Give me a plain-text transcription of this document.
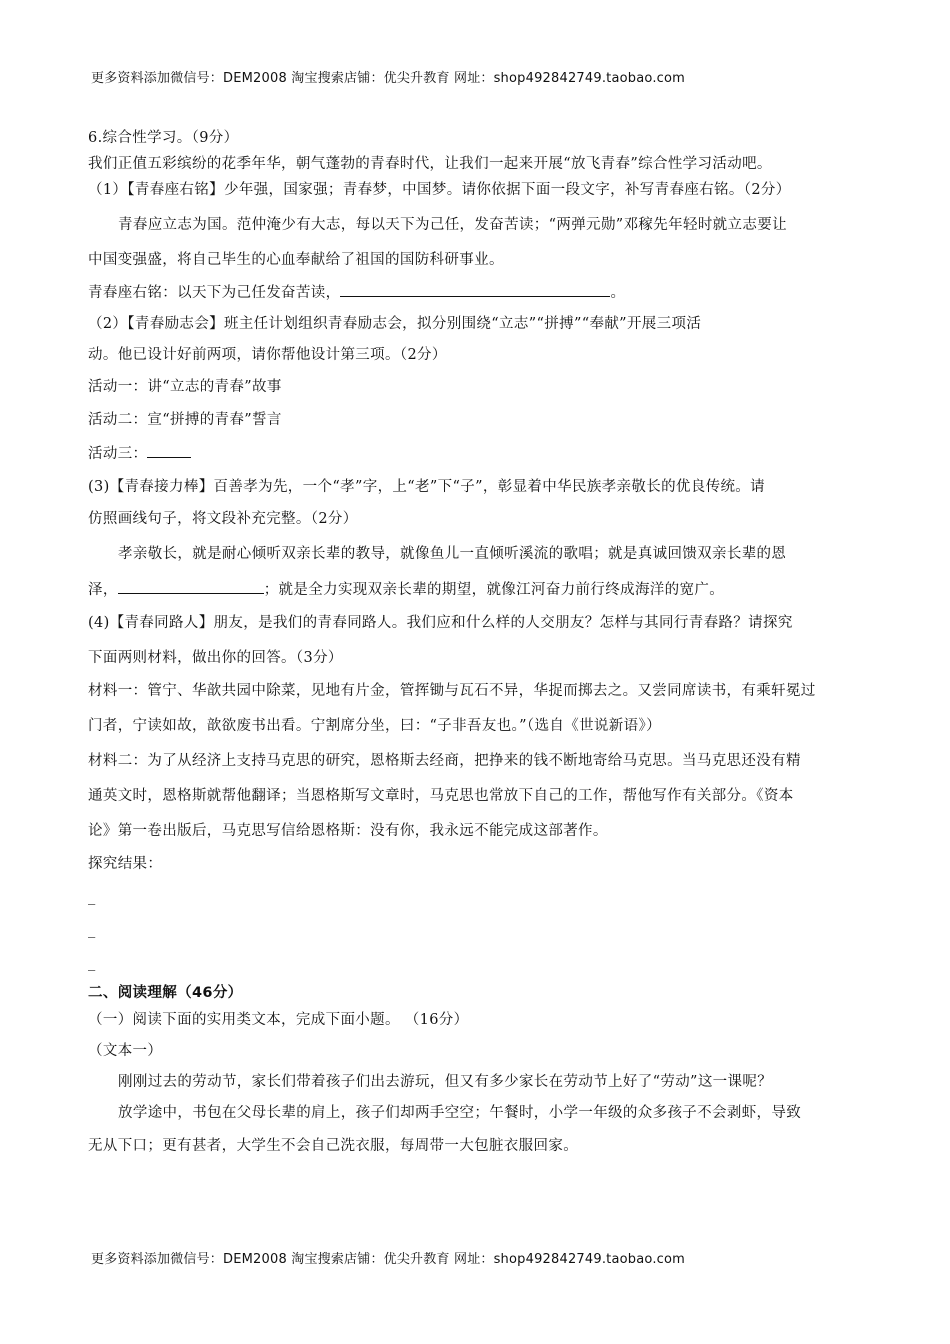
更多资料添加微信号：DEM2008 淘宝搜索店铺：优尖升教育 网址：shop492842749.taobao.com

6.综合性学习。（9分）

我们正值五彩缤纷的花季年华，朝气蓬勃的青春时代，让我们一起来开展“放飞青春”综合性学习活动吧。

（1）【青春座右铭】少年强，国家强；青春梦，中国梦。请你依据下面一段文字，补写青春座右铭。（2分）

青春应立志为国。范仲淹少有大志，每以天下为己任，发奋苦读；“两弹元勋”邓稼先年轻时就立志要让

中国变强盛，将自己毕生的心血奉献给了祖国的国防科研事业。

青春座右铭：以天下为己任发奋苦读，	。

（2）【青春励志会】班主任计划组织青春励志会，拟分别围绕“立志”“拼搏”“奉献”开展三项活

动。他已设计好前两项，请你帮他设计第三项。（2分）

活动一：讲“立志的青春”故事

活动二：宣“拼搏的青春”誓言

活动三：

(3)【青春接力棒】百善孝为先，一个“孝”字，上“老”下“子”，彰显着中华民族孝亲敬长的优良传统。请

仿照画线句子，将文段补充完整。（2分）

孝亲敬长，就是耐心倾听双亲长辈的教导，就像鱼儿一直倾听溪流的歌唱；就是真诚回馈双亲长辈的恩

泽，	；就是全力实现双亲长辈的期望，就像江河奋力前行终成海洋的宽广。

(4)【青春同路人】朋友，是我们的青春同路人。我们应和什么样的人交朋友？怎样与其同行青春路？请探究

下面两则材料，做出你的回答。（3分）

材料一：管宁、华歆共园中除菜，见地有片金，管挥锄与瓦石不异，华捉而掷去之。又尝同席读书，有乘轩冕过

门者，宁读如故，歆欲废书出看。宁割席分坐，曰：“子非吾友也。”（选自《世说新语》）

材料二：为了从经济上支持马克思的研究，恩格斯去经商，把挣来的钱不断地寄给马克思。当马克思还没有精

通英文时，恩格斯就帮他翻译；当恩格斯写文章时，马克思也常放下自己的工作，帮他写作有关部分。《资本

论》第一卷出版后，马克思写信给恩格斯：没有你，我永远不能完成这部著作。

探究结果：

_

_

_

二、阅读理解（46分）

（一）阅读下面的实用类文本，完成下面小题。 （16分）

（文本一）

刚刚过去的劳动节，家长们带着孩子们出去游玩，但又有多少家长在劳动节上好了“劳动”这一课呢？

放学途中，书包在父母长辈的肩上，孩子们却两手空空；午餐时，小学一年级的众多孩子不会剥虾，导致

无从下口；更有甚者，大学生不会自己洗衣服，每周带一大包脏衣服回家。

更多资料添加微信号：DEM2008 淘宝搜索店铺：优尖升教育 网址：shop492842749.taobao.com
